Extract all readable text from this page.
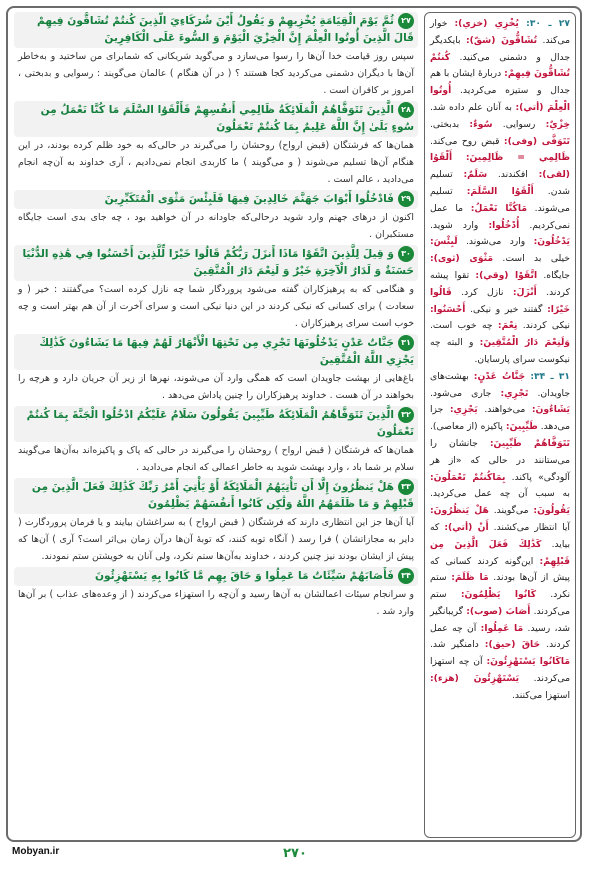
۲۷ثُمَّ يَوْمَ الْقِيَامَةِ يُخْزِيهِمْ وَ يَقُولُ أَيْنَ شُرَكَاءِيَ الَّذِينَ كُنتُمْ تُشَاقُّونَ فِيهِمْ قَالَ الَّذِينَ أُوتُوا الْعِلْمَ إِنَّ الْخِزْيَ الْيَوْمَ وَ السُّوءَ عَلَى الْكَافِرِينَ
سپس روز قیامت خدا آن‌ها را رسوا می‌سازد و می‌گوید شریکانی که شمابرای من ساختید و به‌خاطر آن‌ها با دیگران دشمنی می‌کردید کجا هستند ؟ ( در آن هنگام ) عالمان می‌گویند : رسوایی و بدبختی ، امروز بر کافران است .
۲۸الَّذِينَ تَتَوَفَّاهُمُ الْمَلَائِكَةُ ظَالِمِي أَنفُسِهِمْ فَأَلْقَوُا السَّلَمَ مَا كُنَّا نَعْمَلُ مِن سُوءٍ بَلَىٰ إِنَّ اللَّهَ عَلِيمٌ بِمَا كُنتُمْ تَعْمَلُونَ
همان‌ها که فرشتگان (قبض ارواح) روحشان را می‌گیرند در حالی‌که به خود ظلم کرده بودند، در این هنگام آن‌ها تسلیم می‌شوند ( و می‌گویند ) ما کاربدی انجام نمی‌دادیم ، آری خداوند به آن‌چه انجام می‌دادید ، عالم است .
۲۹فَادْخُلُوا أَبْوَابَ جَهَنَّمَ خَالِدِينَ فِيهَا فَلَبِئْسَ مَثْوَى الْمُتَكَبِّرِينَ
اکنون از درهای جهنم وارد شوید درحالی‌که جاودانه در آن خواهید بود ، چه جای بدی است جایگاه مستکبران .
۳۰وَ قِيلَ لِلَّذِينَ اتَّقَوْا مَاذَا أَنزَلَ رَبُّكُمْ قَالُوا خَيْرًا لِّلَّذِينَ أَحْسَنُوا فِي هَٰذِهِ الدُّنْيَا حَسَنَةٌ وَ لَدَارُ الْآخِرَةِ خَيْرٌ وَ لَنِعْمَ دَارُ الْمُتَّقِينَ
و هنگامی که به پرهیزکاران گفته می‌شود پروردگار شما چه نازل کرده است؟ می‌گفتند : خیر ( و سعادت ) برای کسانی که نیکی کردند در این دنیا نیکی است و سرای آخرت از آن هم بهتر است و چه خوب است سرای پرهیزکاران .
۳۱جَنَّاتُ عَدْنٍ يَدْخُلُونَهَا تَجْرِي مِن تَحْتِهَا الْأَنْهَارُ لَهُمْ فِيهَا مَا يَشَاءُونَ كَذَٰلِكَ يَجْزِي اللَّهُ الْمُتَّقِينَ
باغ‌هایی از بهشت جاویدان است که همگی وارد آن می‌شوند، نهرها از زیر آن جریان دارد و هرچه را بخواهند در آن هست . خداوند پرهیزکاران را چنین پاداش می‌دهد .
۳۲الَّذِينَ تَتَوَفَّاهُمُ الْمَلَائِكَةُ طَيِّبِينَ يَقُولُونَ سَلَامٌ عَلَيْكُمُ ادْخُلُوا الْجَنَّةَ بِمَا كُنتُمْ تَعْمَلُونَ
همان‌ها که فرشتگان ( قبض ارواح ) روحشان را می‌گیرند در حالی که پاک و پاکیزه‌اند به‌آن‌ها می‌گویند سلام بر شما باد ، وارد بهشت شوید به خاطر اعمالی که انجام می‌دادید .
۳۳هَلْ يَنظُرُونَ إِلَّا أَن تَأْتِيَهُمُ الْمَلَائِكَةُ أَوْ يَأْتِيَ أَمْرُ رَبِّكَ كَذَٰلِكَ فَعَلَ الَّذِينَ مِن قَبْلِهِمْ وَ مَا ظَلَمَهُمُ اللَّهُ وَلَٰكِن كَانُوا أَنفُسَهُمْ يَظْلِمُونَ
آیا آن‌ها جز این انتظاری دارند که فرشتگان ( قبض ارواح ) به سراغشان بیایند و یا فرمان پروردگارت ( دایر به مجازاتشان ) فرا رسد ( آنگاه توبه کنند، که توبهٔ آن‌ها درآن زمان بی‌اثر است؟ آری ) آن‌ها که پیش از ایشان بودند نیز چنین کردند ، خداوند به‌آن‌ها ستم نکرد، ولی آنان به خویشتن ستم نمودند.
۳۴فَأَصَابَهُمْ سَيِّئَاتُ مَا عَمِلُوا وَ حَاقَ بِهِم مَّا كَانُوا بِهِ يَسْتَهْزِئُونَ
و سرانجام سیئات اعمالشان به آن‌ها رسید و آن‌چه را استهزاء می‌کردند ( از وعده‌های عذاب ) بر آن‌ها وارد شد .

۲۷ ـ ۳۰: يُخْزِي (خزي): خوار می‌کند. تُشَاقُّونَ (شقّ): بایکدیگر جدال و دشمنی می‌کنید. كُنتُمْ تُشَاقُّونَ فِيهِمْ: دربارهٔ ایشان با هم جدال و ستیزه می‌کردید. أُوتُوا الْعِلْمَ (أتي): به آنان علم داده شد. خِزْيٌ: رسوایی. سُوءٌ: بدبختی. تَتَوَفَّى (وفی): قبض روح می‌کند. ظَالِمِي = ظَالِمِينَ: أَلْقَوُا (لقی): افکندند. سَلَمٌ: تسلیم شدن. أَلْقَوُا السَّلَمَ: تسلیم می‌شوند. مَاكُنَّا نَعْمَلُ: ما عمل نمی‌کردیم. أُدْخُلُوا: وارد شوید. يَدْخُلُونَ: وارد می‌شوند. لَبِئْسَ: خیلی بد است. مَثْوَى (ثوی): جایگاه. اتَّقَوْا (وقي): تقوا پیشه کردند. أَنْزَلَ: نازل کرد. قَالُوا خَيْرًا: گفتند خیر و نیکی. أَحْسَنُوا: نیکی کردند. نِعْمَ: چه خوب است. وَلَنِعْمَ دَارُ الْمُتَّقِينَ: و البته چه نیکوست سرای پارسایان.

۳۱ ـ ۳۴: جَنَّاتُ عَدْنٍ: بهشت‌های جاویدان. تَجْرِي: جاری می‌شود. يَشَاءُونَ: می‌خواهند. يَجْزِي: جزا می‌دهد. طَيِّبِينَ: پاکیزه (از معاصی). تَتَوَفَّاهُمْ طَيِّبِينَ: جانشان را می‌ستانند در حالی که «از هر آلودگی» پاکند. بِمَاكُنتُمْ تَعْمَلُونَ: به سبب آن چه عمل می‌کردید. يَقُولُونَ: می‌گویند. هَلْ يَنظُرُونَ: آیا انتظار می‌کشند. أَنْ (أتي): که بیاید. كَذَٰلِكَ فَعَلَ الَّذِينَ مِن قَبْلِهِمْ: این‌گونه کردند کسانی که پیش از آن‌ها بودند. مَا ظَلَمَ: ستم نکرد. كَانُوا يَظْلِمُونَ: ستم می‌کردند. أَصَابَ (صوب): گریبانگیر شد، رسید. مَا عَمِلُوا: آن چه عمل کردند. حَاقَ (حیق): دامنگیر شد. مَاكَانُوا يَسْتَهْزِئُونَ: آن چه استهزا می‌کردند. يَسْتَهْزِئُونَ (هزء): استهزا می‌کنند.

Mobyan.ir	۲۷۰
